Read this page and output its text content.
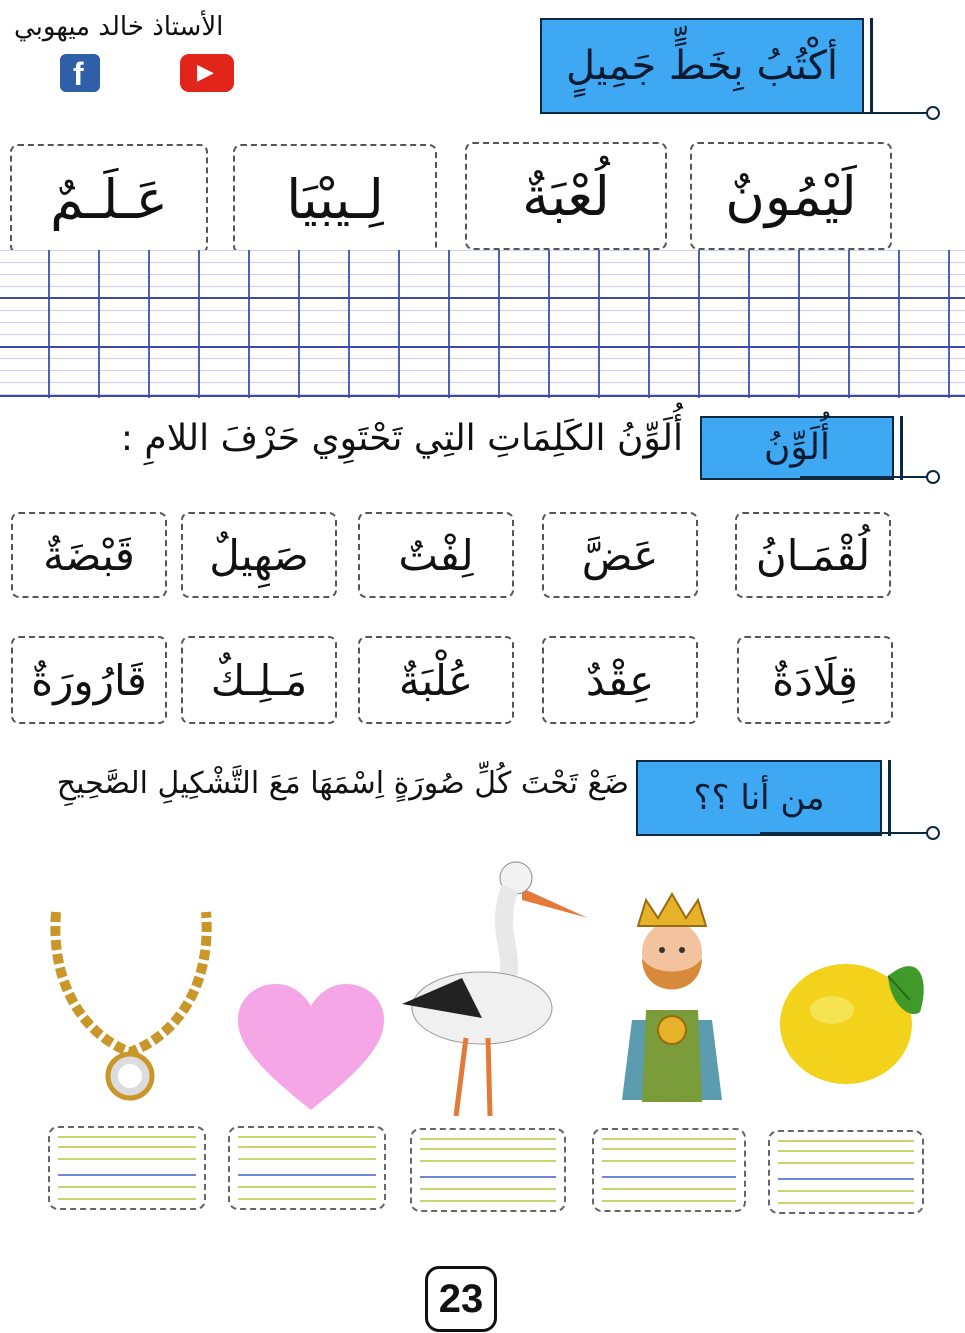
الأستاذ خالد ميهوبي
f	▶	أكْتُبُ بِخَطٍّ جَمِيلٍ
لَيْمُونٌ
لُعْبَةٌ
لِـيبْيَا
عَـلَـمٌ
أُلَوِّنُ
أُلَوِّنُ الكَلِمَاتِ التِي تَحْتَوِي حَرْفَ اللامِ :
لُقْمَـانُ
عَضَّ
لِفْتٌ
صَهِيلٌ
قَبْضَةٌ
قِلَادَةٌ
عِقْدٌ
عُلْبَةٌ
مَـلِـكٌ
قَارُورَةٌ
من أنا ؟؟
ضَعْ تَحْتَ كُلِّ صُورَةٍ اِسْمَهَا مَعَ التَّشْكِيلِ الصَّحِيحِ
23
